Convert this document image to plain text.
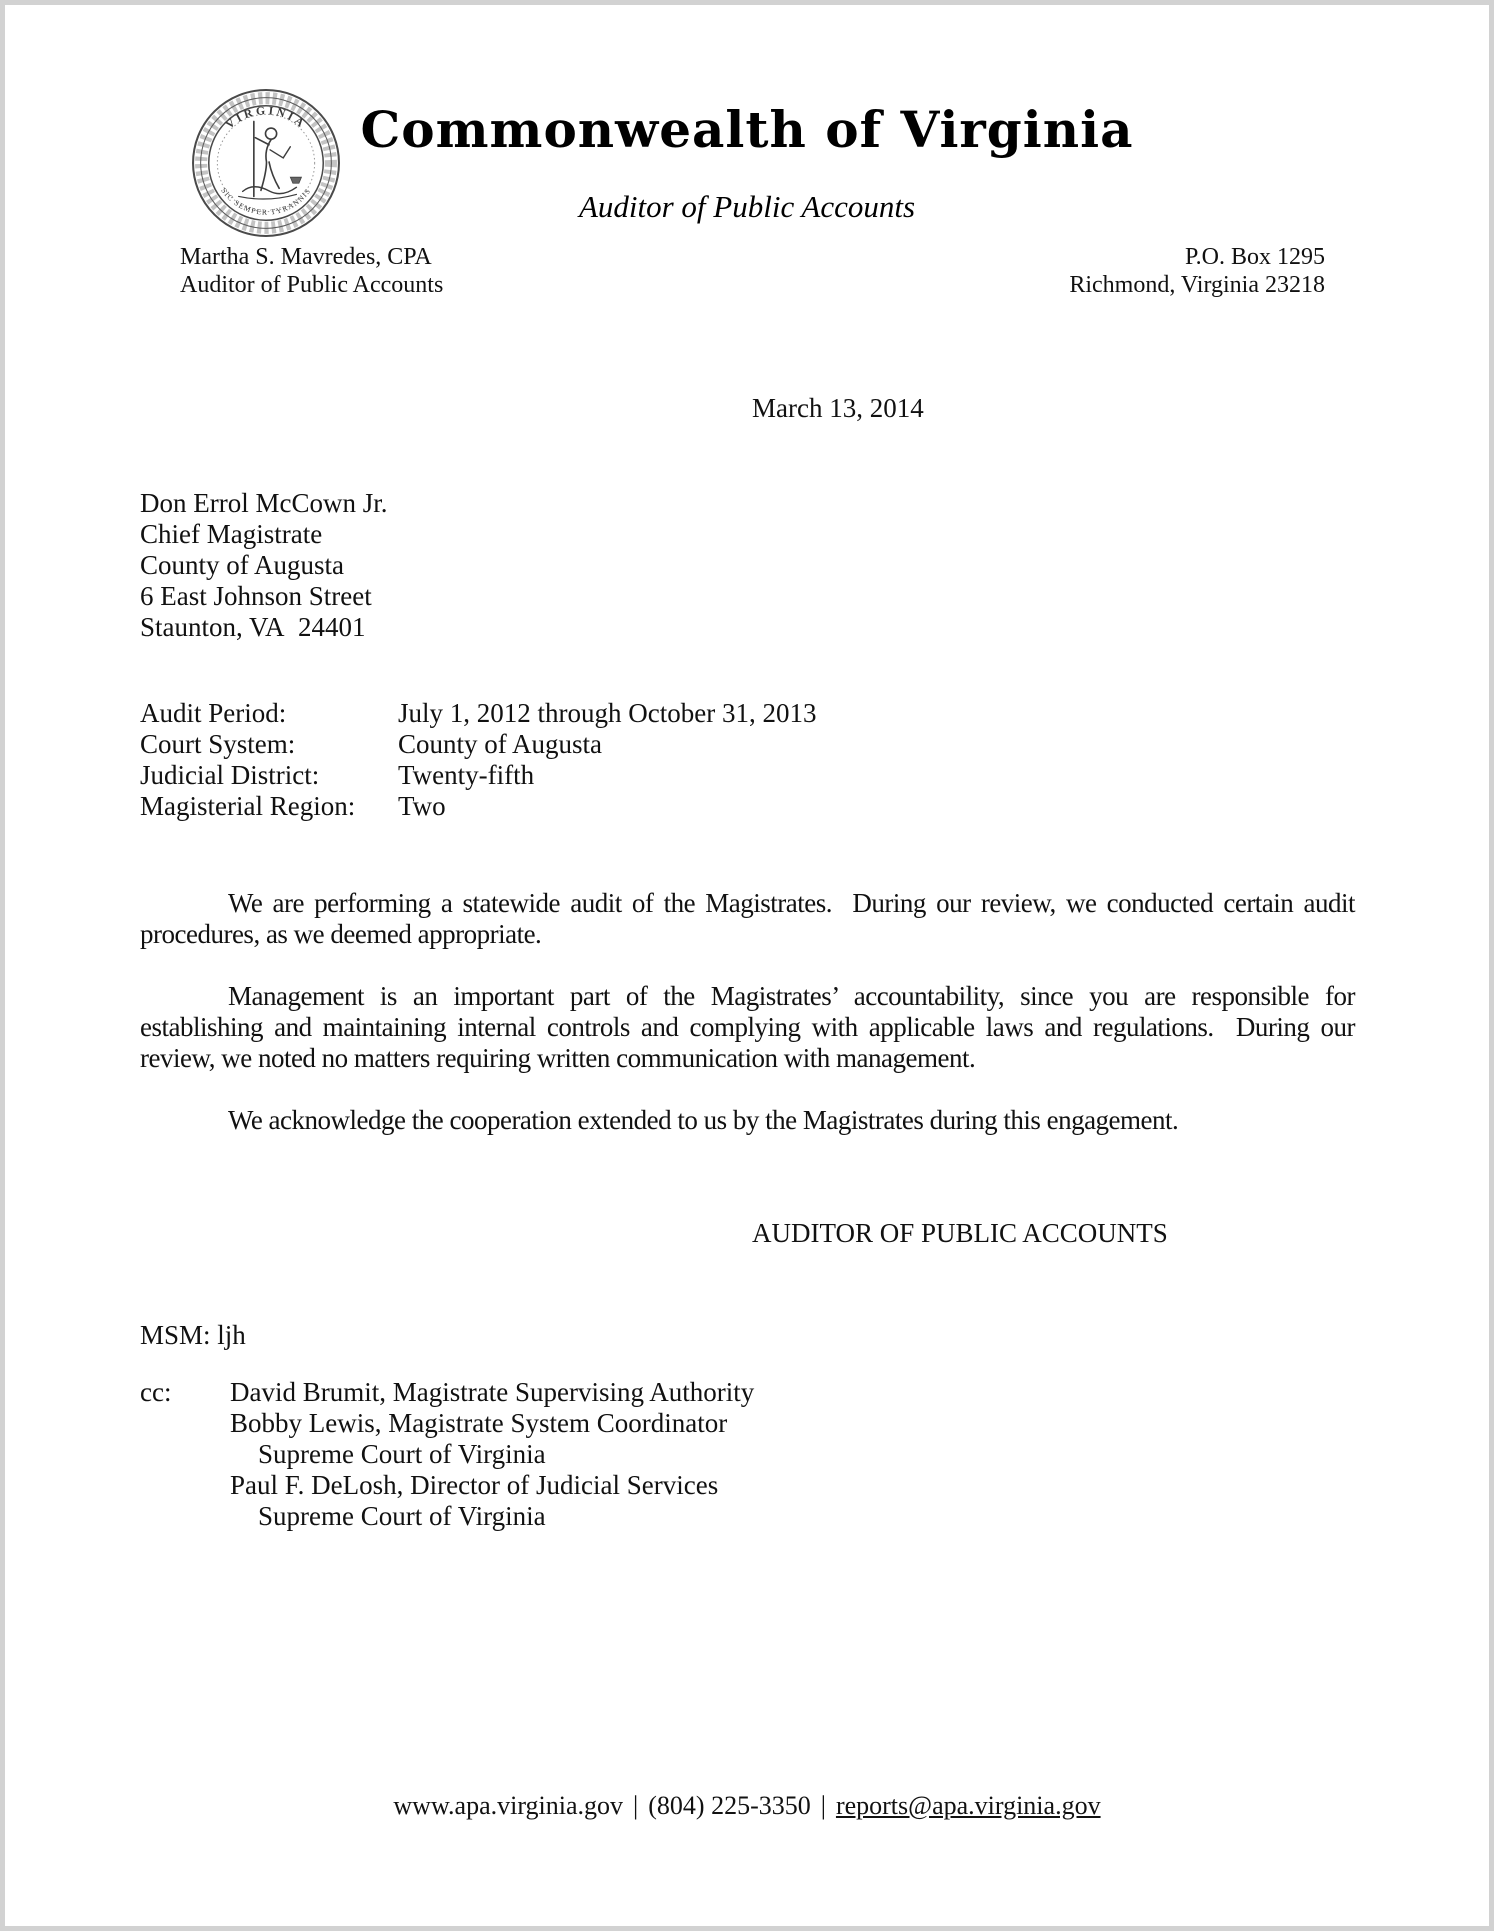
VIRGINIA
SIC SEMPER TYRANNIS
Commonwealth of Virginia
Auditor of Public Accounts
Martha S. Mavredes, CPA
Auditor of Public Accounts
P.O. Box 1295
Richmond, Virginia 23218
March 13, 2014
Don Errol McCown Jr.
Chief Magistrate
County of Augusta
6 East Johnson Street
Staunton, VA  24401
Audit Period:	July 1, 2012 through October 31, 2013
Court System:	County of Augusta
Judicial District:	Twenty-fifth
Magisterial Region:	Two

We are performing a statewide audit of the Magistrates.  During our review, we conducted certain audit procedures, as we deemed appropriate.

Management is an important part of the Magistrates’ accountability, since you are responsible for establishing and maintaining internal controls and complying with applicable laws and regulations.  During our review, we noted no matters requiring written communication with management.

We acknowledge the cooperation extended to us by the Magistrates during this engagement.

AUDITOR OF PUBLIC ACCOUNTS
MSM: ljh
cc:	David Brumit, Magistrate Supervising Authority
Bobby Lewis, Magistrate System Coordinator
Supreme Court of Virginia
Paul F. DeLosh, Director of Judicial Services
Supreme Court of Virginia
www.apa.virginia.gov | (804) 225-3350 | reports@apa.virginia.gov
